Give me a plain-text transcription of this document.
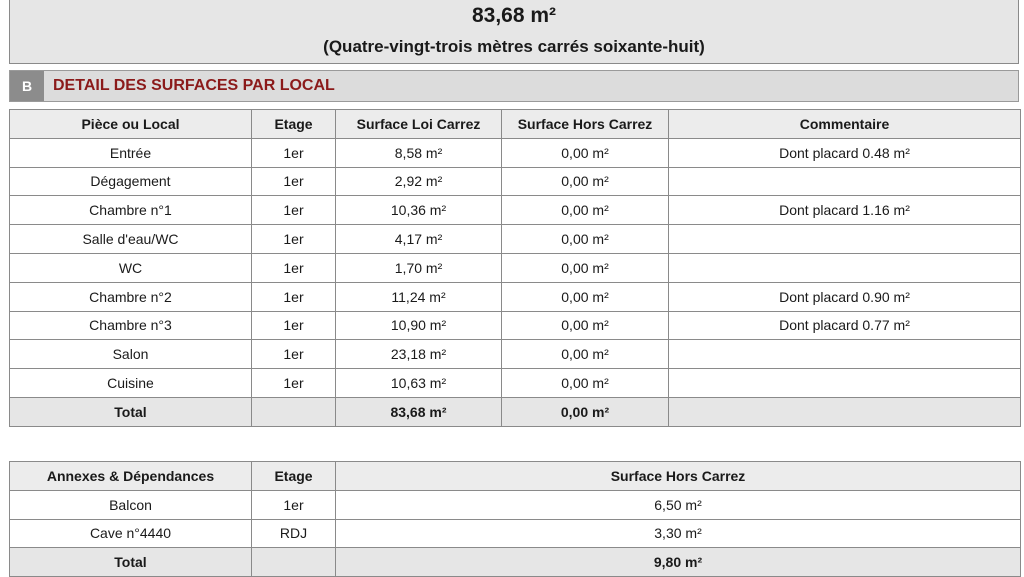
83,68 m²
(Quatre-vingt-trois mètres carrés soixante-huit)
B	DETAIL DES SURFACES PAR LOCAL
Pièce ou Local	Etage	Surface Loi Carrez	Surface Hors Carrez	Commentaire
Entrée	1er	8,58 m²	0,00 m²	Dont placard 0.48 m²
Dégagement	1er	2,92 m²	0,00 m²	
Chambre n°1	1er	10,36 m²	0,00 m²	Dont placard 1.16 m²
Salle d'eau/WC	1er	4,17 m²	0,00 m²	
WC	1er	1,70 m²	0,00 m²	
Chambre n°2	1er	11,24 m²	0,00 m²	Dont placard 0.90 m²
Chambre n°3	1er	10,90 m²	0,00 m²	Dont placard 0.77 m²
Salon	1er	23,18 m²	0,00 m²	
Cuisine	1er	10,63 m²	0,00 m²	
Total		83,68 m²	0,00 m²	
Annexes & Dépendances	Etage	Surface Hors Carrez
Balcon	1er	6,50 m²
Cave n°4440	RDJ	3,30 m²
Total		9,80 m²
